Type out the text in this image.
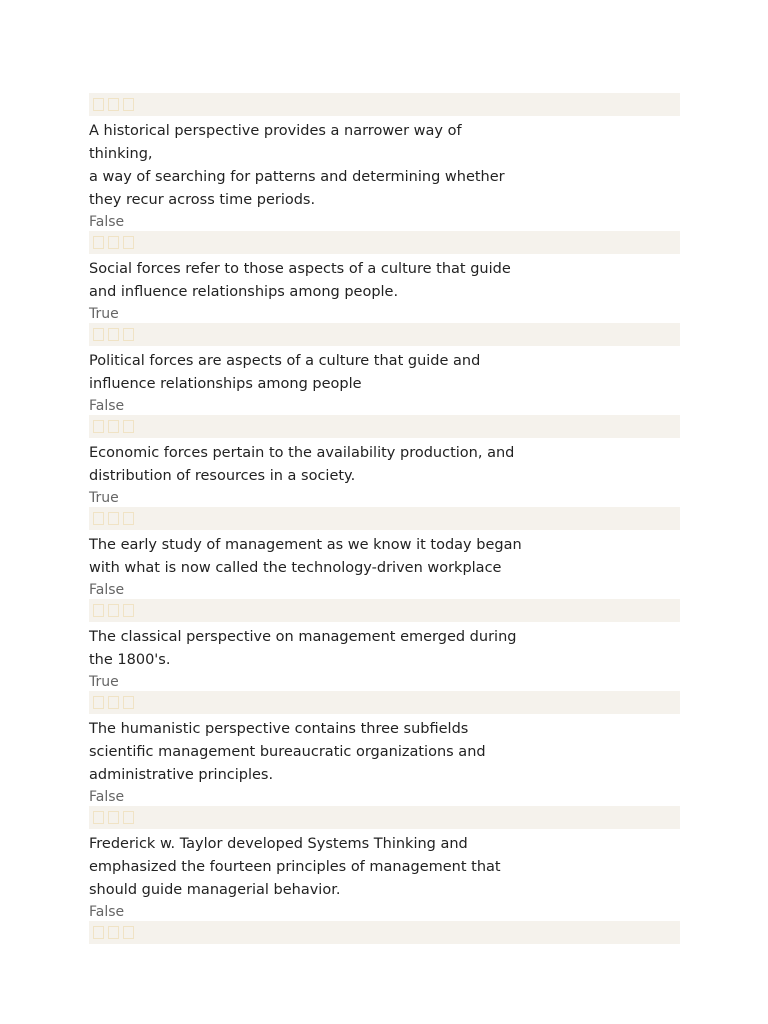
A historical perspective provides a narrower way of thinking,
a way of searching for patterns and determining whether
they recur across time periods.
False
Social forces refer to those aspects of a culture that guide
and influence relationships among people.
True
Political forces are aspects of a culture that guide and
influence relationships among people
False
Economic forces pertain to the availability production, and
distribution of resources in a society.
True
The early study of management as we know it today began
with what is now called the technology-driven workplace
False
The classical perspective on management emerged during
the 1800's.
True
The humanistic perspective contains three subfields
scientific management bureaucratic organizations and
administrative principles.
False
Frederick w. Taylor developed Systems Thinking and
emphasized the fourteen principles of management that
should guide managerial behavior.
False
